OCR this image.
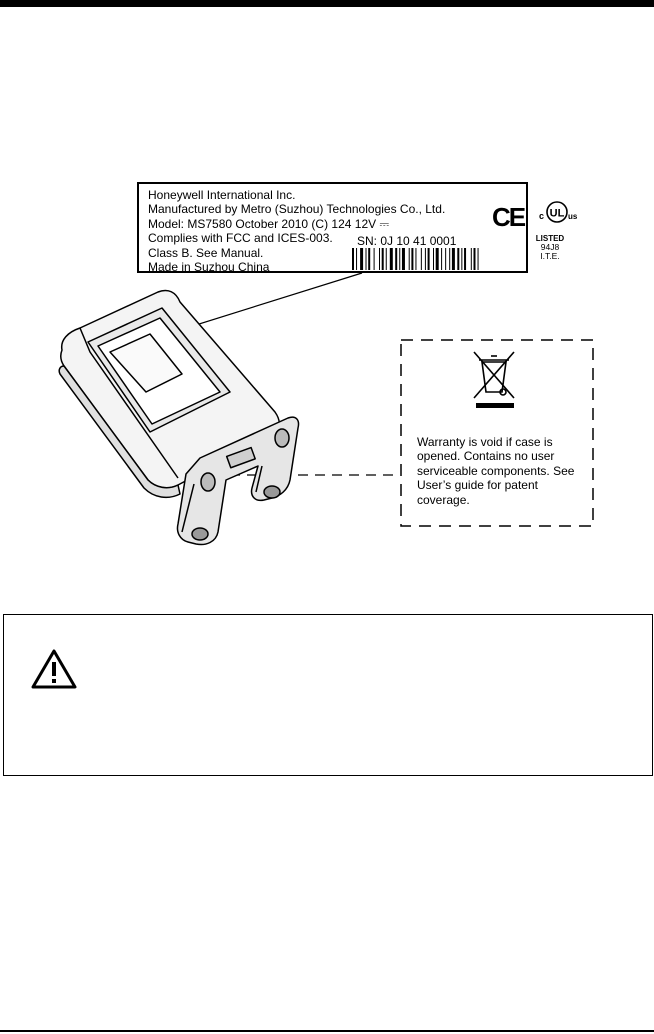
Honeywell International Inc.
Manufactured by Metro (Suzhou) Technologies Co., Ltd.
Model: MS7580 October 2010 (C) 124 12V ⎓
Complies with FCC and ICES-003.
Class B. See Manual.
Made in Suzhou China
SN: 0J 10 41 0001
CE UL
c	us
LISTED
94J8
I.T.E.
Warranty is void if case is opened. Contains no user serviceable components. See User’s guide for patent coverage.
